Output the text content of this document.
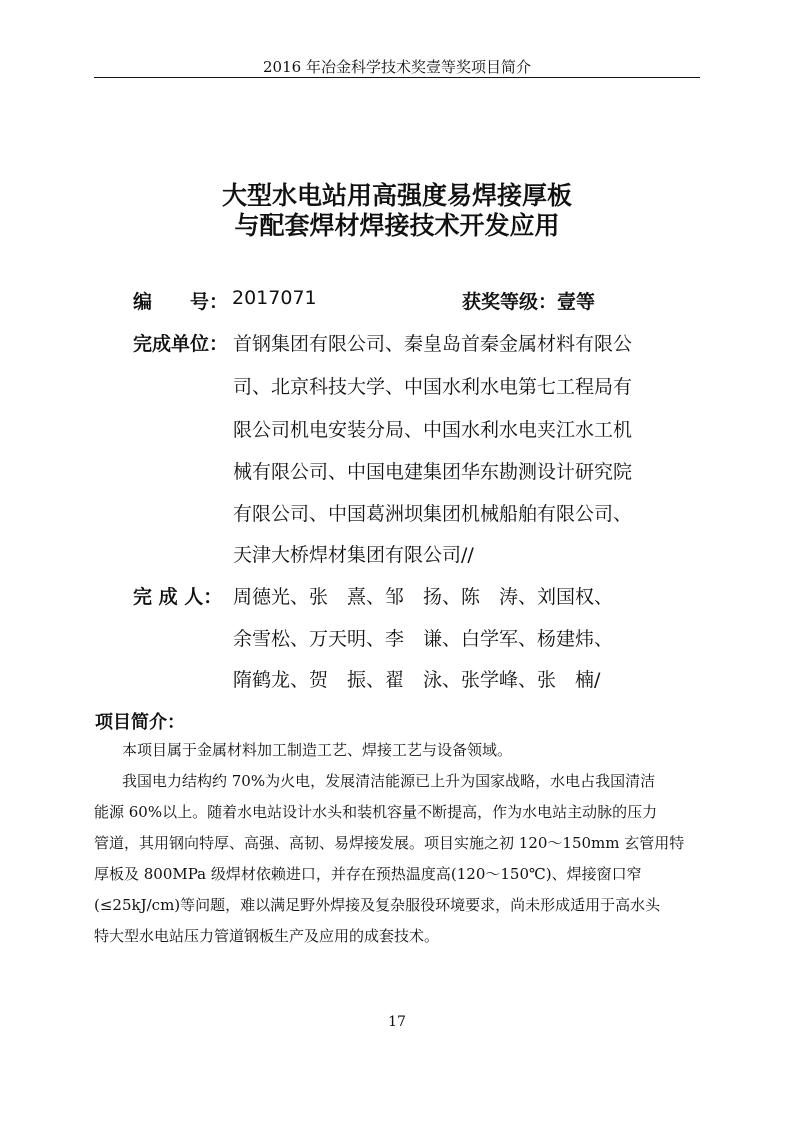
2016 年冶金科学技术奖壹等奖项目简介
大型水电站用高强度易焊接厚板
与配套焊材焊接技术开发应用
编　　号： 2017071	获奖等级： 壹等
完成单位： 首钢集团有限公司、秦皇岛首秦金属材料有限公
司、北京科技大学、中国水利水电第七工程局有
限公司机电安装分局、中国水利水电夹江水工机
械有限公司、中国电建集团华东勘测设计研究院
有限公司、中国葛洲坝集团机械船舶有限公司、
天津大桥焊材集团有限公司//
完 成 人： 周德光、张　熹、邹　扬、陈　涛、刘国权、
余雪松、万天明、李　谦、白学军、杨建炜、
隋鹤龙、贺　振、翟　泳、张学峰、张　楠/
项目简介：
本项目属于金属材料加工制造工艺、焊接工艺与设备领域。
我国电力结构约 70%为火电，发展清洁能源已上升为国家战略，水电占我国清洁
能源 60%以上。随着水电站设计水头和装机容量不断提高，作为水电站主动脉的压力
管道，其用钢向特厚、高强、高韧、易焊接发展。项目实施之初 120～150mm 玄管用特
厚板及 800MPa 级焊材依赖进口，并存在预热温度高(120～150℃)、焊接窗口窄
(≤25kJ/cm)等问题，难以满足野外焊接及复杂服役环境要求，尚未形成适用于高水头
特大型水电站压力管道钢板生产及应用的成套技术。
17
